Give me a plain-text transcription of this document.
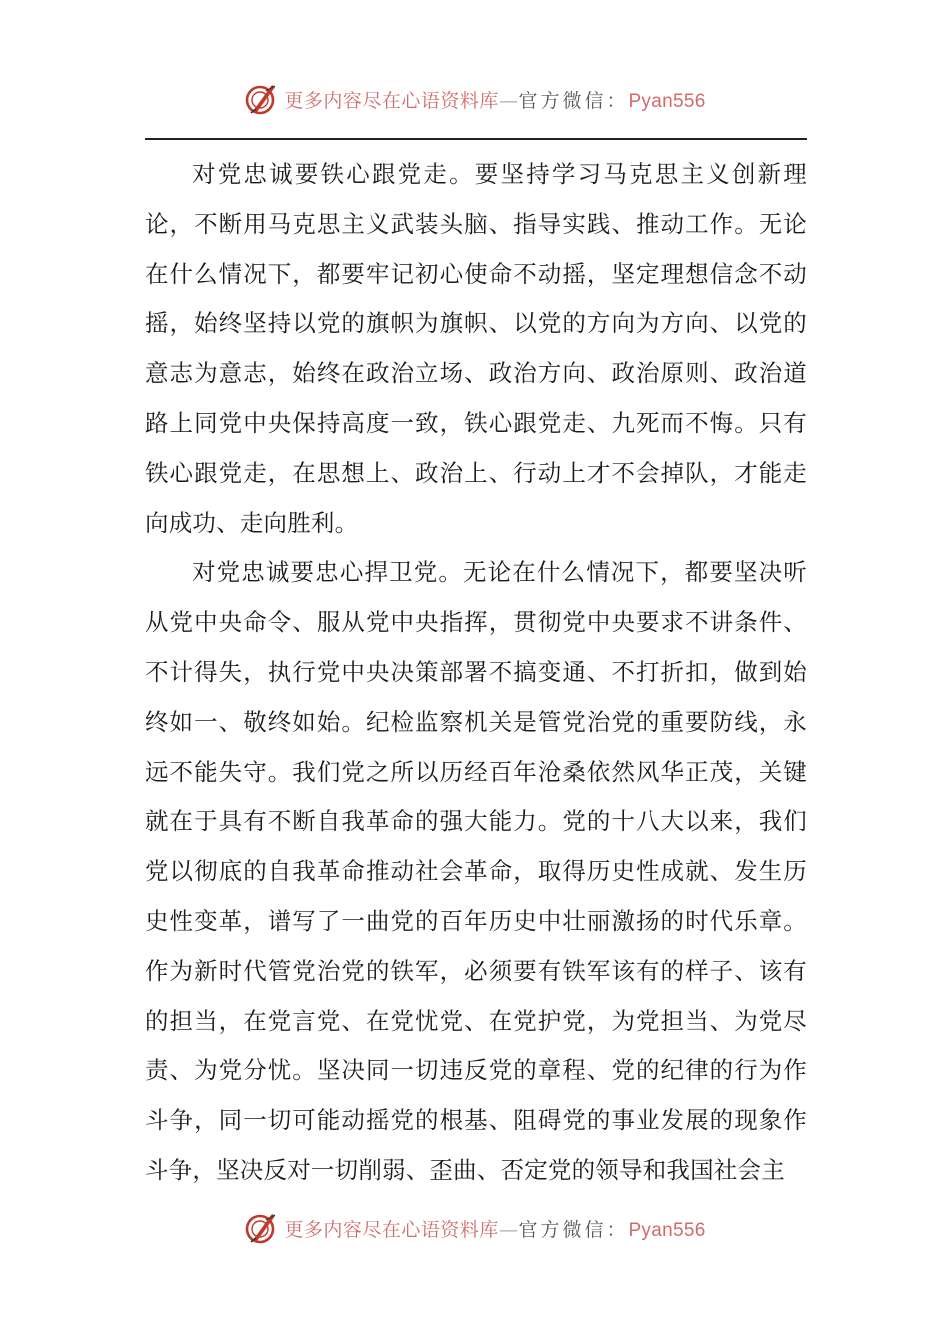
更多内容尽在心语资料库—官方微信：Pyan556

对党忠诚要铁心跟党走。要坚持学习马克思主义创新理论，不断用马克思主义武装头脑、指导实践、推动工作。无论在什么情况下，都要牢记初心使命不动摇，坚定理想信念不动摇，始终坚持以党的旗帜为旗帜、以党的方向为方向、以党的意志为意志，始终在政治立场、政治方向、政治原则、政治道路上同党中央保持高度一致，铁心跟党走、九死而不悔。只有铁心跟党走，在思想上、政治上、行动上才不会掉队，才能走向成功、走向胜利。

对党忠诚要忠心捍卫党。无论在什么情况下，都要坚决听从党中央命令、服从党中央指挥，贯彻党中央要求不讲条件、不计得失，执行党中央决策部署不搞变通、不打折扣，做到始终如一、敬终如始。纪检监察机关是管党治党的重要防线，永远不能失守。我们党之所以历经百年沧桑依然风华正茂，关键就在于具有不断自我革命的强大能力。党的十八大以来，我们党以彻底的自我革命推动社会革命，取得历史性成就、发生历史性变革，谱写了一曲党的百年历史中壮丽激扬的时代乐章。作为新时代管党治党的铁军，必须要有铁军该有的样子、该有的担当，在党言党、在党忧党、在党护党，为党担当、为党尽责、为党分忧。坚决同一切违反党的章程、党的纪律的行为作斗争，同一切可能动摇党的根基、阻碍党的事业发展的现象作斗争，坚决反对一切削弱、歪曲、否定党的领导和我国社会主

更多内容尽在心语资料库—官方微信：Pyan556
